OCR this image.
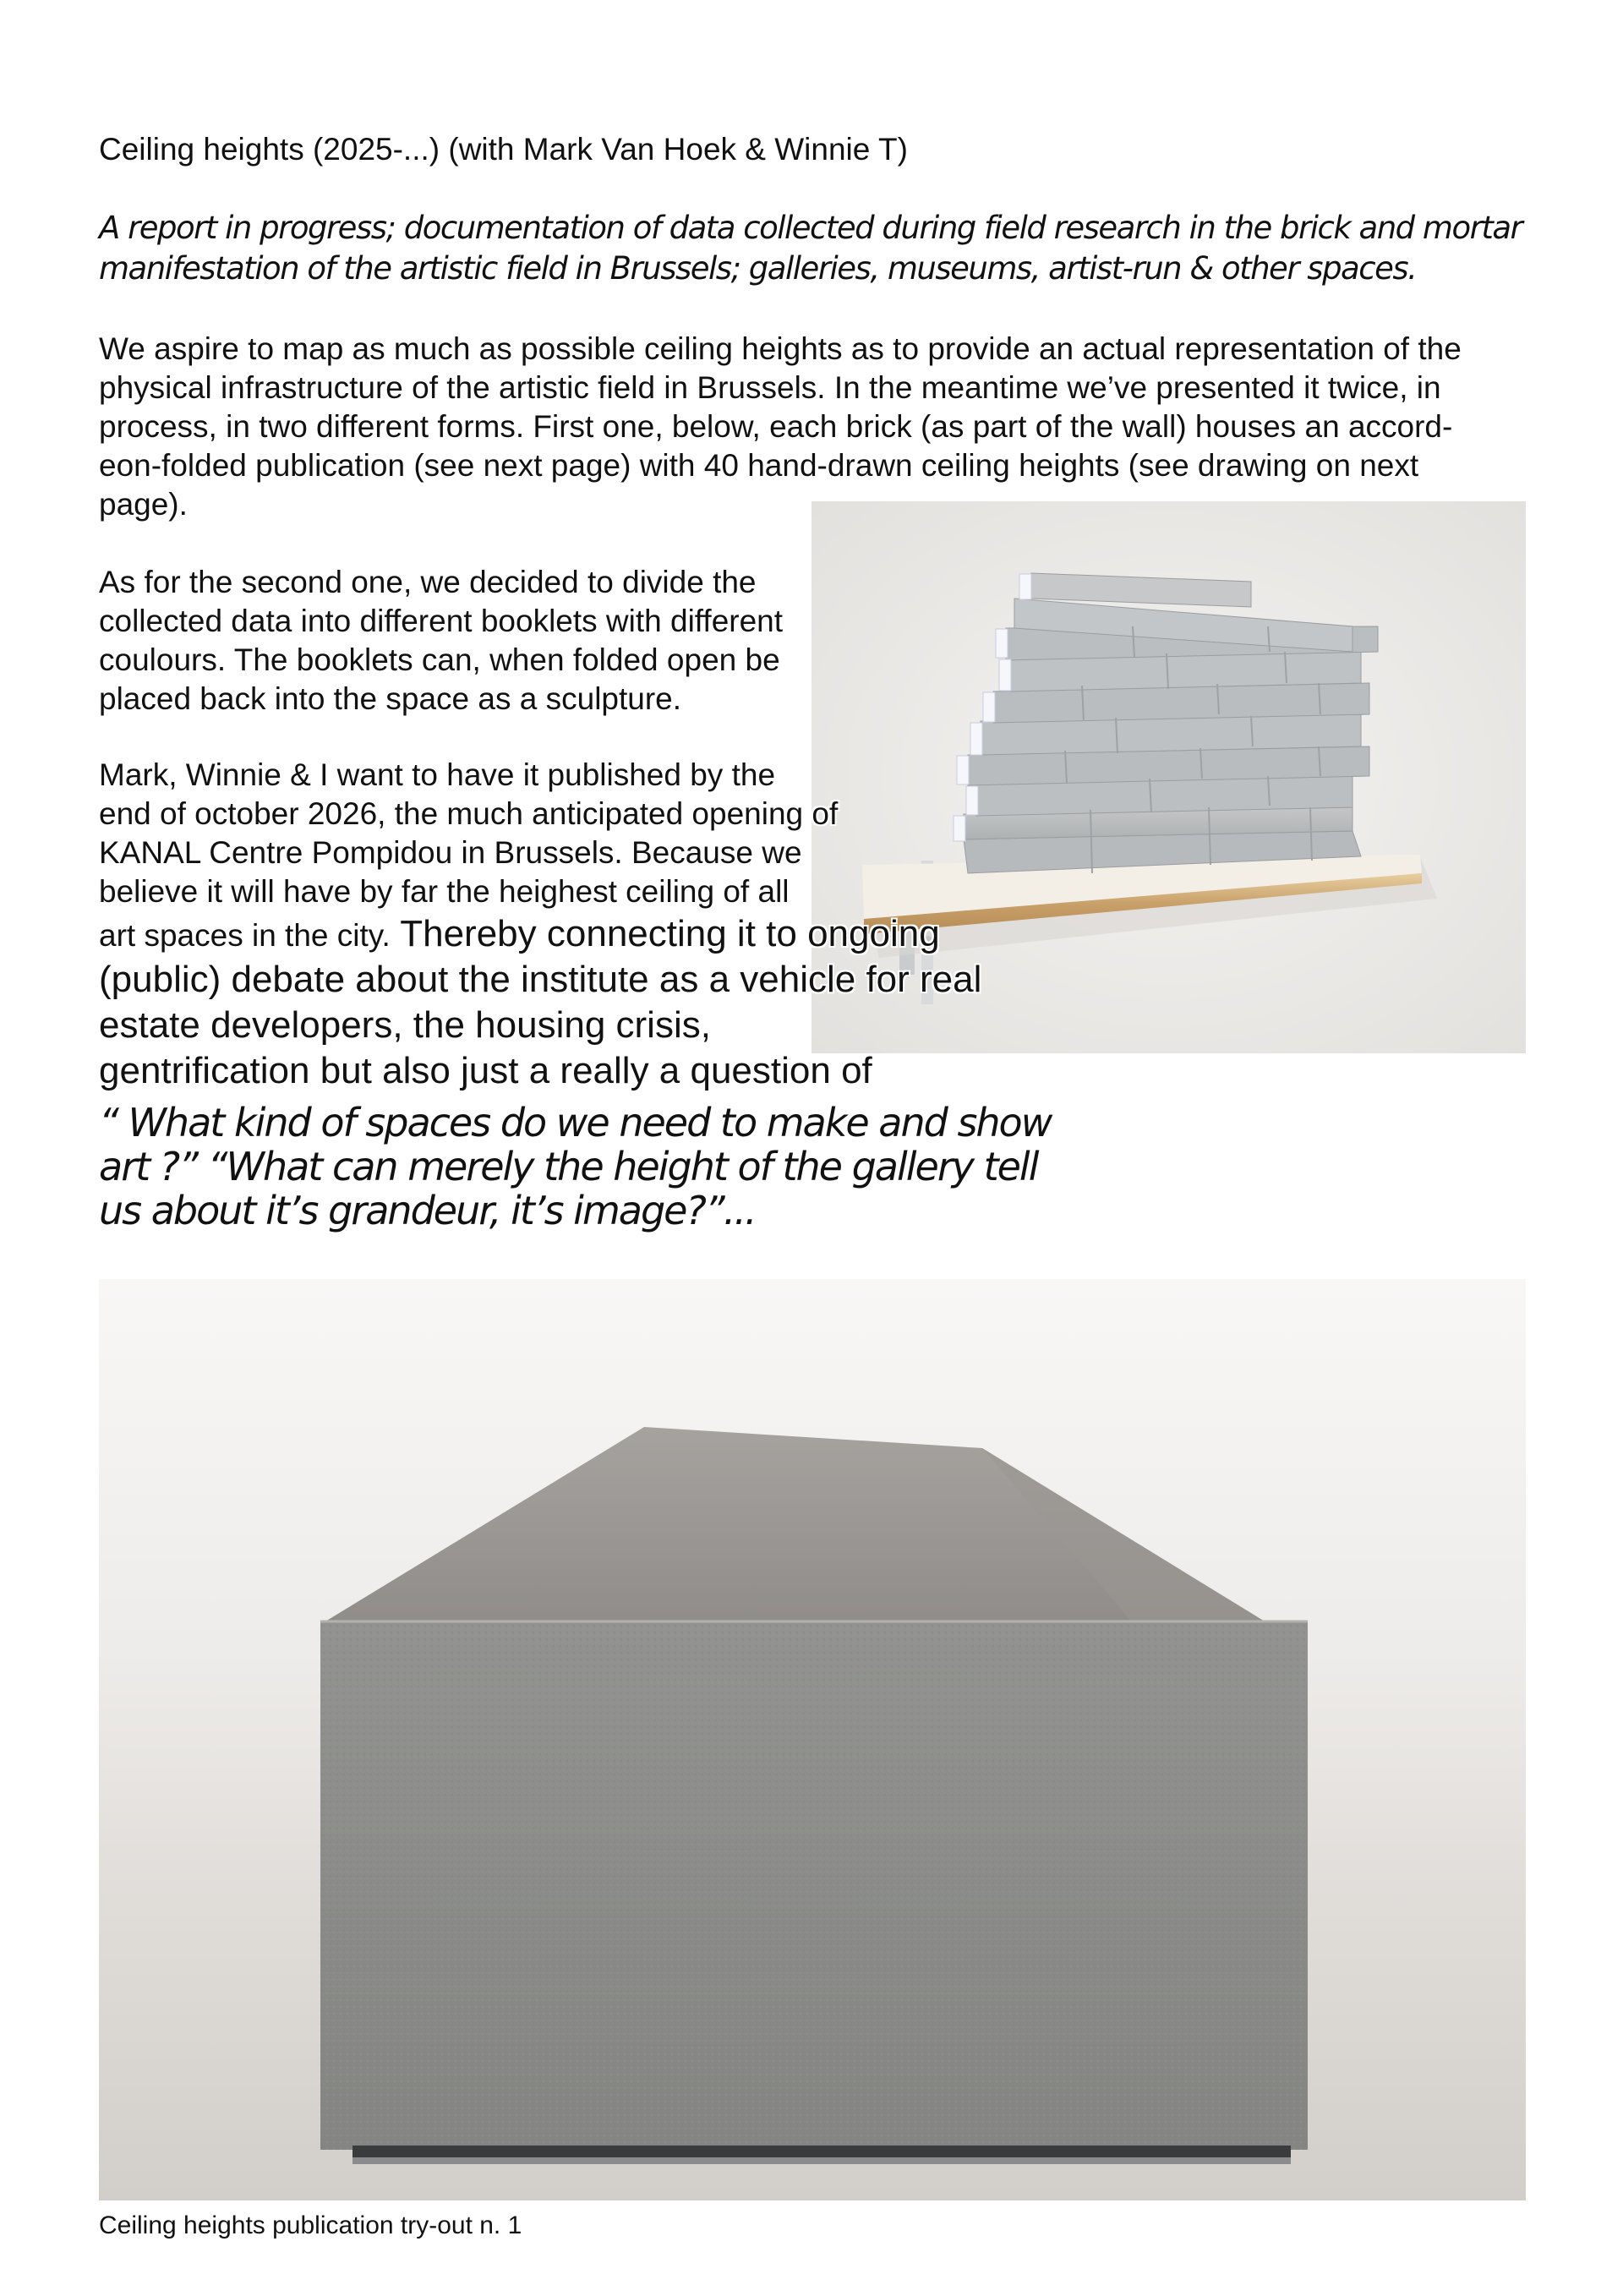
Ceiling heights (2025-...) (with Mark Van Hoek & Winnie T)
A report in progress; documentation of data collected during field research in the brick and mortar
manifestation of the artistic field in Brussels; galleries, museums, artist-run & other spaces.
We aspire to map as much as possible ceiling heights as to provide an actual representation of the
physical infrastructure of the artistic field in Brussels. In the meantime we’ve presented it twice, in
process, in two different forms. First one, below, each brick (as part of the wall) houses an accord-
eon-folded publication (see next page) with 40 hand-drawn ceiling heights (see drawing on next
page).
As for the second one, we decided to divide the
collected data into different booklets with different
coulours. The booklets can, when folded open be
placed back into the space as a sculpture.
Mark, Winnie & I want to have it published by the
end of october 2026, the much anticipated opening of
KANAL Centre Pompidou in Brussels. Because we
believe it will have by far the heighest ceiling of all
art spaces in the city. Thereby connecting it to ongoing
(public) debate about the institute as a vehicle for real
estate developers, the housing crisis,
gentrification but also just a really a question of
“ What kind of spaces do we need to make and show
art ?” “What can merely the height of the gallery tell
us about it’s grandeur, it’s image?”...
Ceiling heights publication try-out n. 1
